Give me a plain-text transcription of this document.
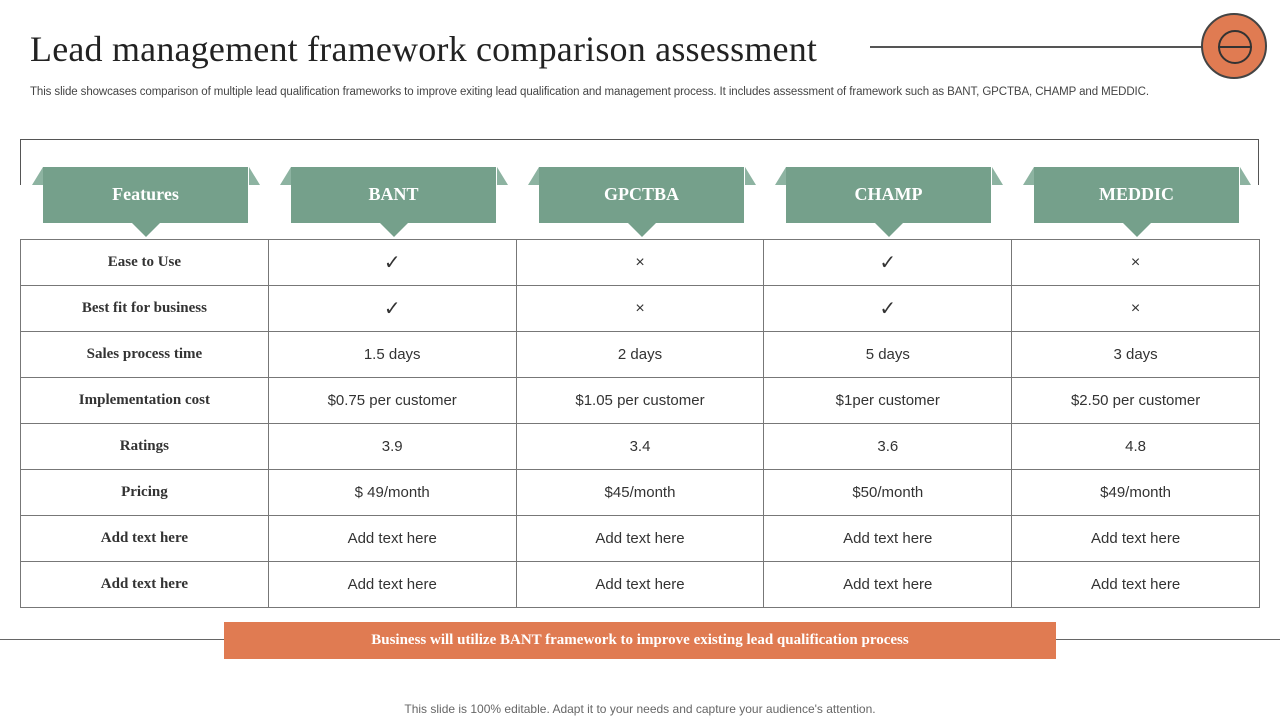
Lead management framework comparison assessment
This slide showcases comparison of multiple lead qualification frameworks to improve exiting lead qualification and management process. It includes assessment of framework such as BANT, GPCTBA, CHAMP and MEDDIC.
Features	BANT	GPCTBA	CHAMP	MEDDIC
Ease to Use	✓	×	✓	×
Best fit for business	✓	×	✓	×
Sales process time	1.5 days	2 days	5 days	3 days
Implementation cost	$0.75 per customer	$1.05 per customer	$1per customer	$2.50 per customer
Ratings	3.9	3.4	3.6	4.8
Pricing	$ 49/month	$45/month	$50/month	$49/month
Add text here	Add text here	Add text here	Add text here	Add text here
Add text here	Add text here	Add text here	Add text here	Add text here
Business will utilize BANT framework to improve existing lead qualification process
This slide is 100% editable. Adapt it to your needs and capture your audience's attention.
